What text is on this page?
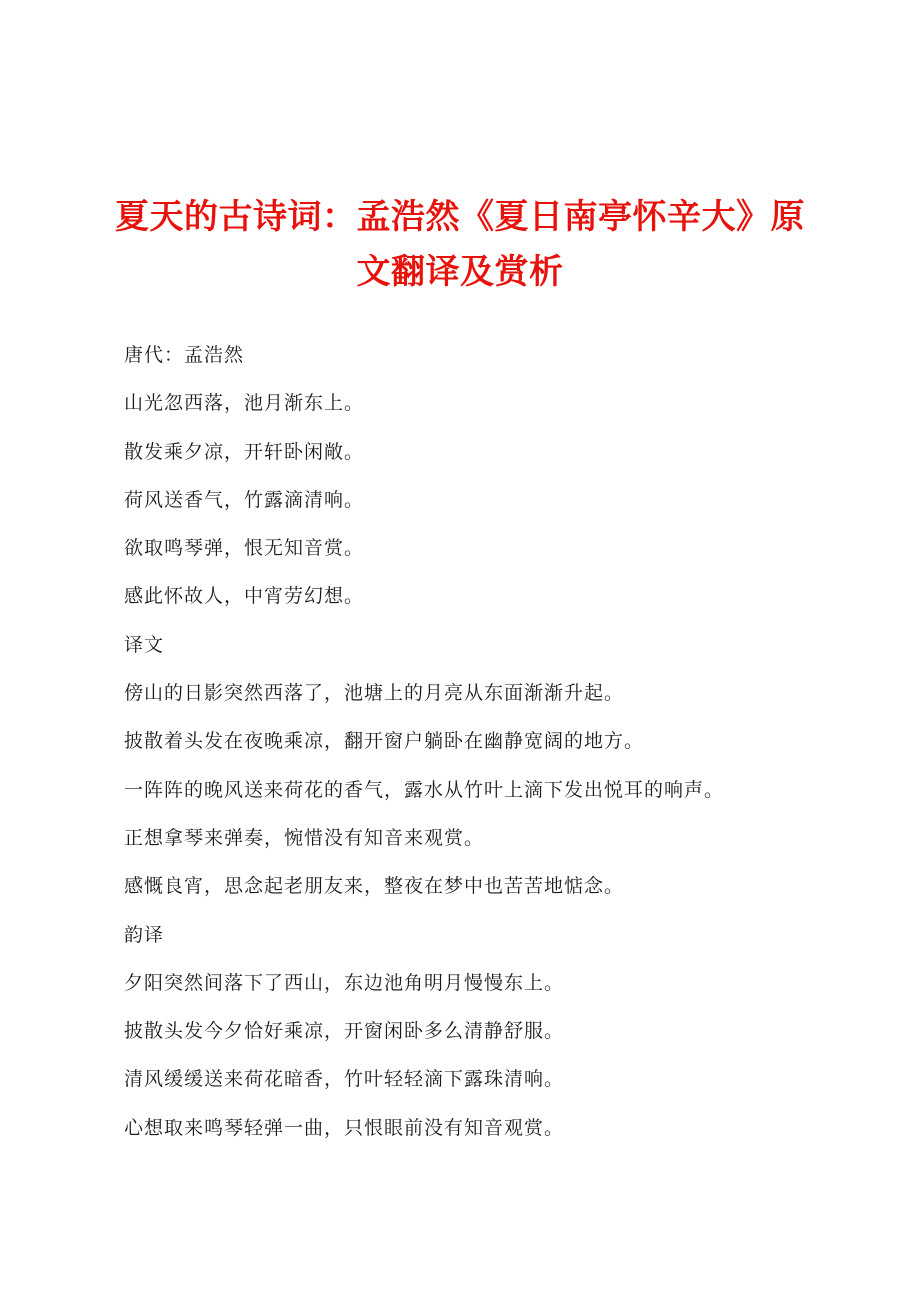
夏天的古诗词：孟浩然《夏日南亭怀辛大》原
文翻译及赏析
唐代：孟浩然
山光忽西落，池月渐东上。
散发乘夕凉，开轩卧闲敞。
荷风送香气，竹露滴清响。
欲取鸣琴弹，恨无知音赏。
感此怀故人，中宵劳幻想。
译文
傍山的日影突然西落了，池塘上的月亮从东面渐渐升起。
披散着头发在夜晚乘凉，翻开窗户躺卧在幽静宽阔的地方。
一阵阵的晚风送来荷花的香气，露水从竹叶上滴下发出悦耳的响声。
正想拿琴来弹奏，惋惜没有知音来观赏。
感慨良宵，思念起老朋友来，整夜在梦中也苦苦地惦念。
韵译
夕阳突然间落下了西山，东边池角明月慢慢东上。
披散头发今夕恰好乘凉，开窗闲卧多么清静舒服。
清风缓缓送来荷花暗香，竹叶轻轻滴下露珠清响。
心想取来鸣琴轻弹一曲，只恨眼前没有知音观赏。
